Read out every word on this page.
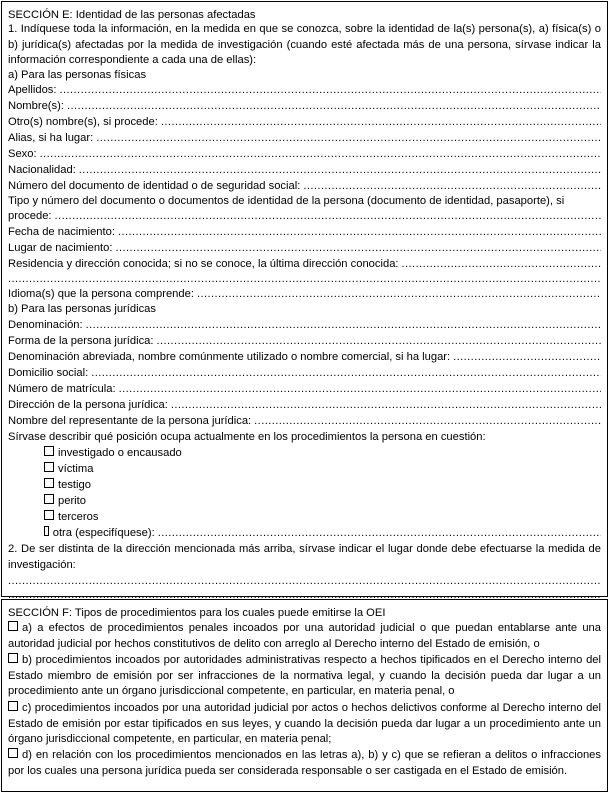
SECCIÓN E: Identidad de las personas afectadas
1. Indíquese toda la información, en la medida en que se conozca, sobre la identidad de la(s) persona(s), a) física(s) o b) jurídica(s) afectadas por la medida de investigación (cuando esté afectada más de una persona, sírvase indicar la información correspondiente a cada una de ellas):
a) Para las personas físicas
Apellidos:
.....
Nombre(s):
.....
Otro(s) nombre(s), si procede:
.....
Alias, si ha lugar:
.....
Sexo:
.....
Nacionalidad:
.....
Número del documento de identidad o de seguridad social:
.....
Tipo y número del documento o documentos de identidad de la persona (documento de identidad, pasaporte), si
procede:
.....
Fecha de nacimiento:
.....
Lugar de nacimiento:
.....
Residencia y dirección conocida; si no se conoce, la última dirección conocida:
.....
.....
Idioma(s) que la persona comprende:
.....
b) Para las personas jurídicas
Denominación:
.....
Forma de la persona jurídica:
.....
Denominación abreviada, nombre comúnmente utilizado o nombre comercial, si ha lugar:
.....
Domicilio social:
.....
Número de matrícula:
.....
Dirección de la persona jurídica:
.....
Nombre del representante de la persona jurídica:
.....
Sírvase describir qué posición ocupa actualmente en los procedimientos la persona en cuestión:
investigado o encausado
víctima
testigo
perito
terceros
otra (especifíquese):
.....
2. De ser distinta de la dirección mencionada más arriba, sírvase indicar el lugar donde debe efectuarse la medida de investigación:
.....
.....
SECCIÓN F: Tipos de procedimientos para los cuales puede emitirse la OEI
a) a efectos de procedimientos penales incoados por una autoridad judicial o que puedan entablarse ante una autoridad judicial por hechos constitutivos de delito con arreglo al Derecho interno del Estado de emisión, o
b) procedimientos incoados por autoridades administrativas respecto a hechos tipificados en el Derecho interno del Estado miembro de emisión por ser infracciones de la normativa legal, y cuando la decisión pueda dar lugar a un procedimiento ante un órgano jurisdiccional competente, en particular, en materia penal, o
c) procedimientos incoados por una autoridad judicial por actos o hechos delictivos conforme al Derecho interno del Estado de emisión por estar tipificados en sus leyes, y cuando la decisión pueda dar lugar a un procedimiento ante un órgano jurisdiccional competente, en particular, en materia penal;
d) en relación con los procedimientos mencionados en las letras a), b) y c) que se refieran a delitos o infracciones por los cuales una persona jurídica pueda ser considerada responsable o ser castigada en el Estado de emisión.
